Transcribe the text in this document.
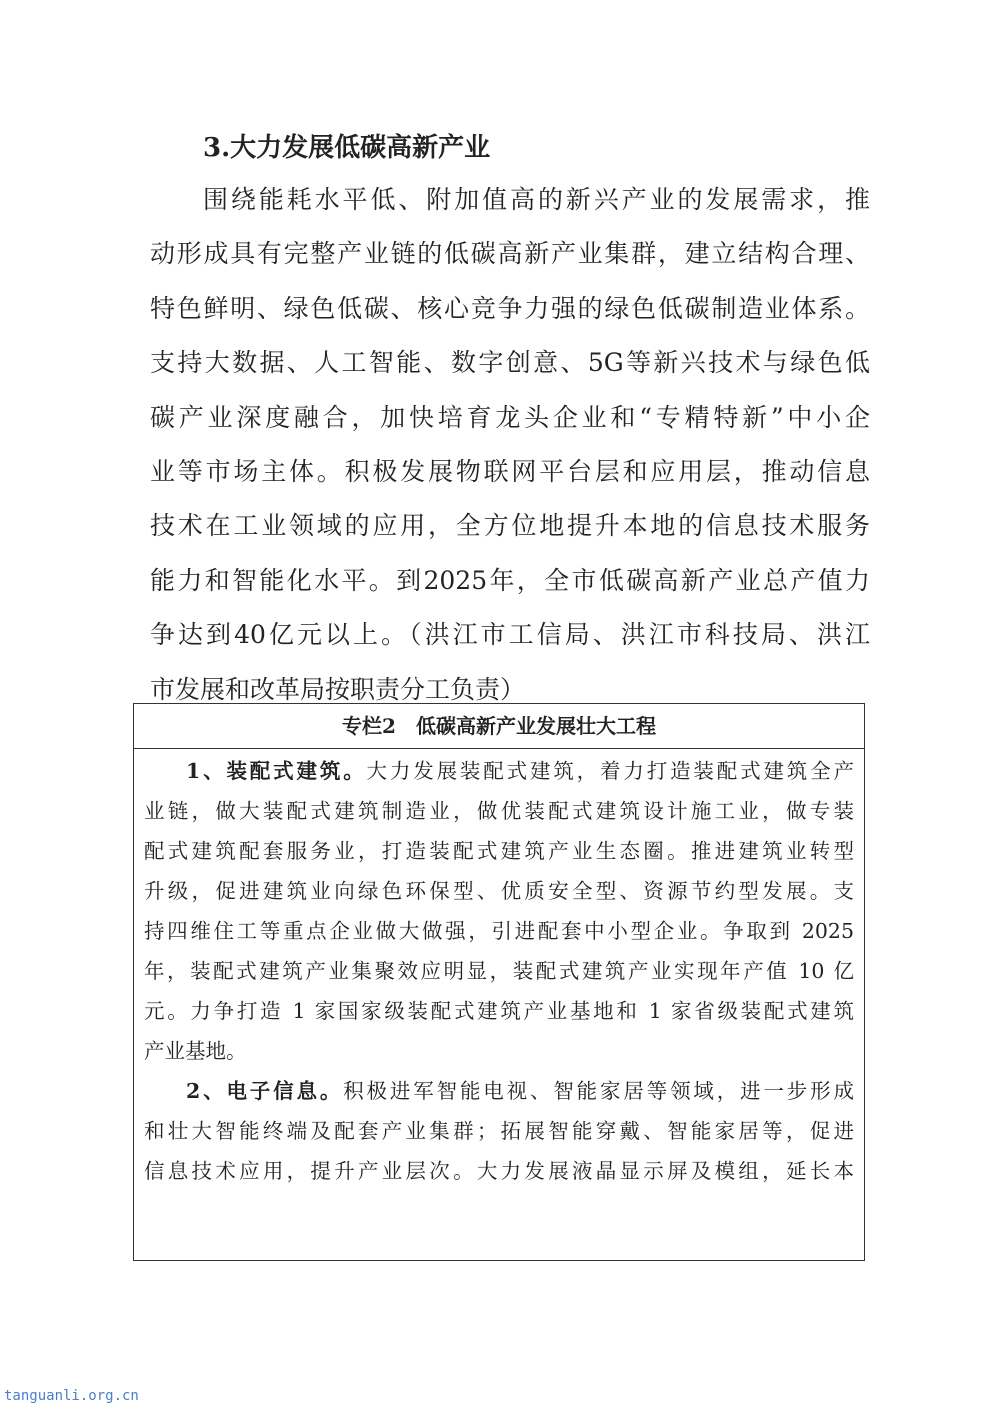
3.大力发展低碳高新产业
围绕能耗水平低、附加值高的新兴产业的发展需求，推
动形成具有完整产业链的低碳高新产业集群，建立结构合理、
特色鲜明、绿色低碳、核心竞争力强的绿色低碳制造业体系。
支持大数据、人工智能、数字创意、5G等新兴技术与绿色低
碳产业深度融合，加快培育龙头企业和“专精特新”中小企
业等市场主体。积极发展物联网平台层和应用层，推动信息
技术在工业领域的应用，全方位地提升本地的信息技术服务
能力和智能化水平。到2025年，全市低碳高新产业总产值力
争达到40亿元以上。（洪江市工信局、洪江市科技局、洪江
市发展和改革局按职责分工负责）
专栏2　低碳高新产业发展壮大工程
1、装配式建筑。大力发展装配式建筑，着力打造装配式建筑全产
业链，做大装配式建筑制造业，做优装配式建筑设计施工业，做专装
配式建筑配套服务业，打造装配式建筑产业生态圈。推进建筑业转型
升级，促进建筑业向绿色环保型、优质安全型、资源节约型发展。支
持四维住工等重点企业做大做强，引进配套中小型企业。争取到 2025
年，装配式建筑产业集聚效应明显，装配式建筑产业实现年产值 10 亿
元。力争打造 1 家国家级装配式建筑产业基地和 1 家省级装配式建筑
产业基地。
2、电子信息。积极进军智能电视、智能家居等领域，进一步形成
和壮大智能终端及配套产业集群；拓展智能穿戴、智能家居等，促进
信息技术应用，提升产业层次。大力发展液晶显示屏及模组，延长本
tanguanli.org.cn
